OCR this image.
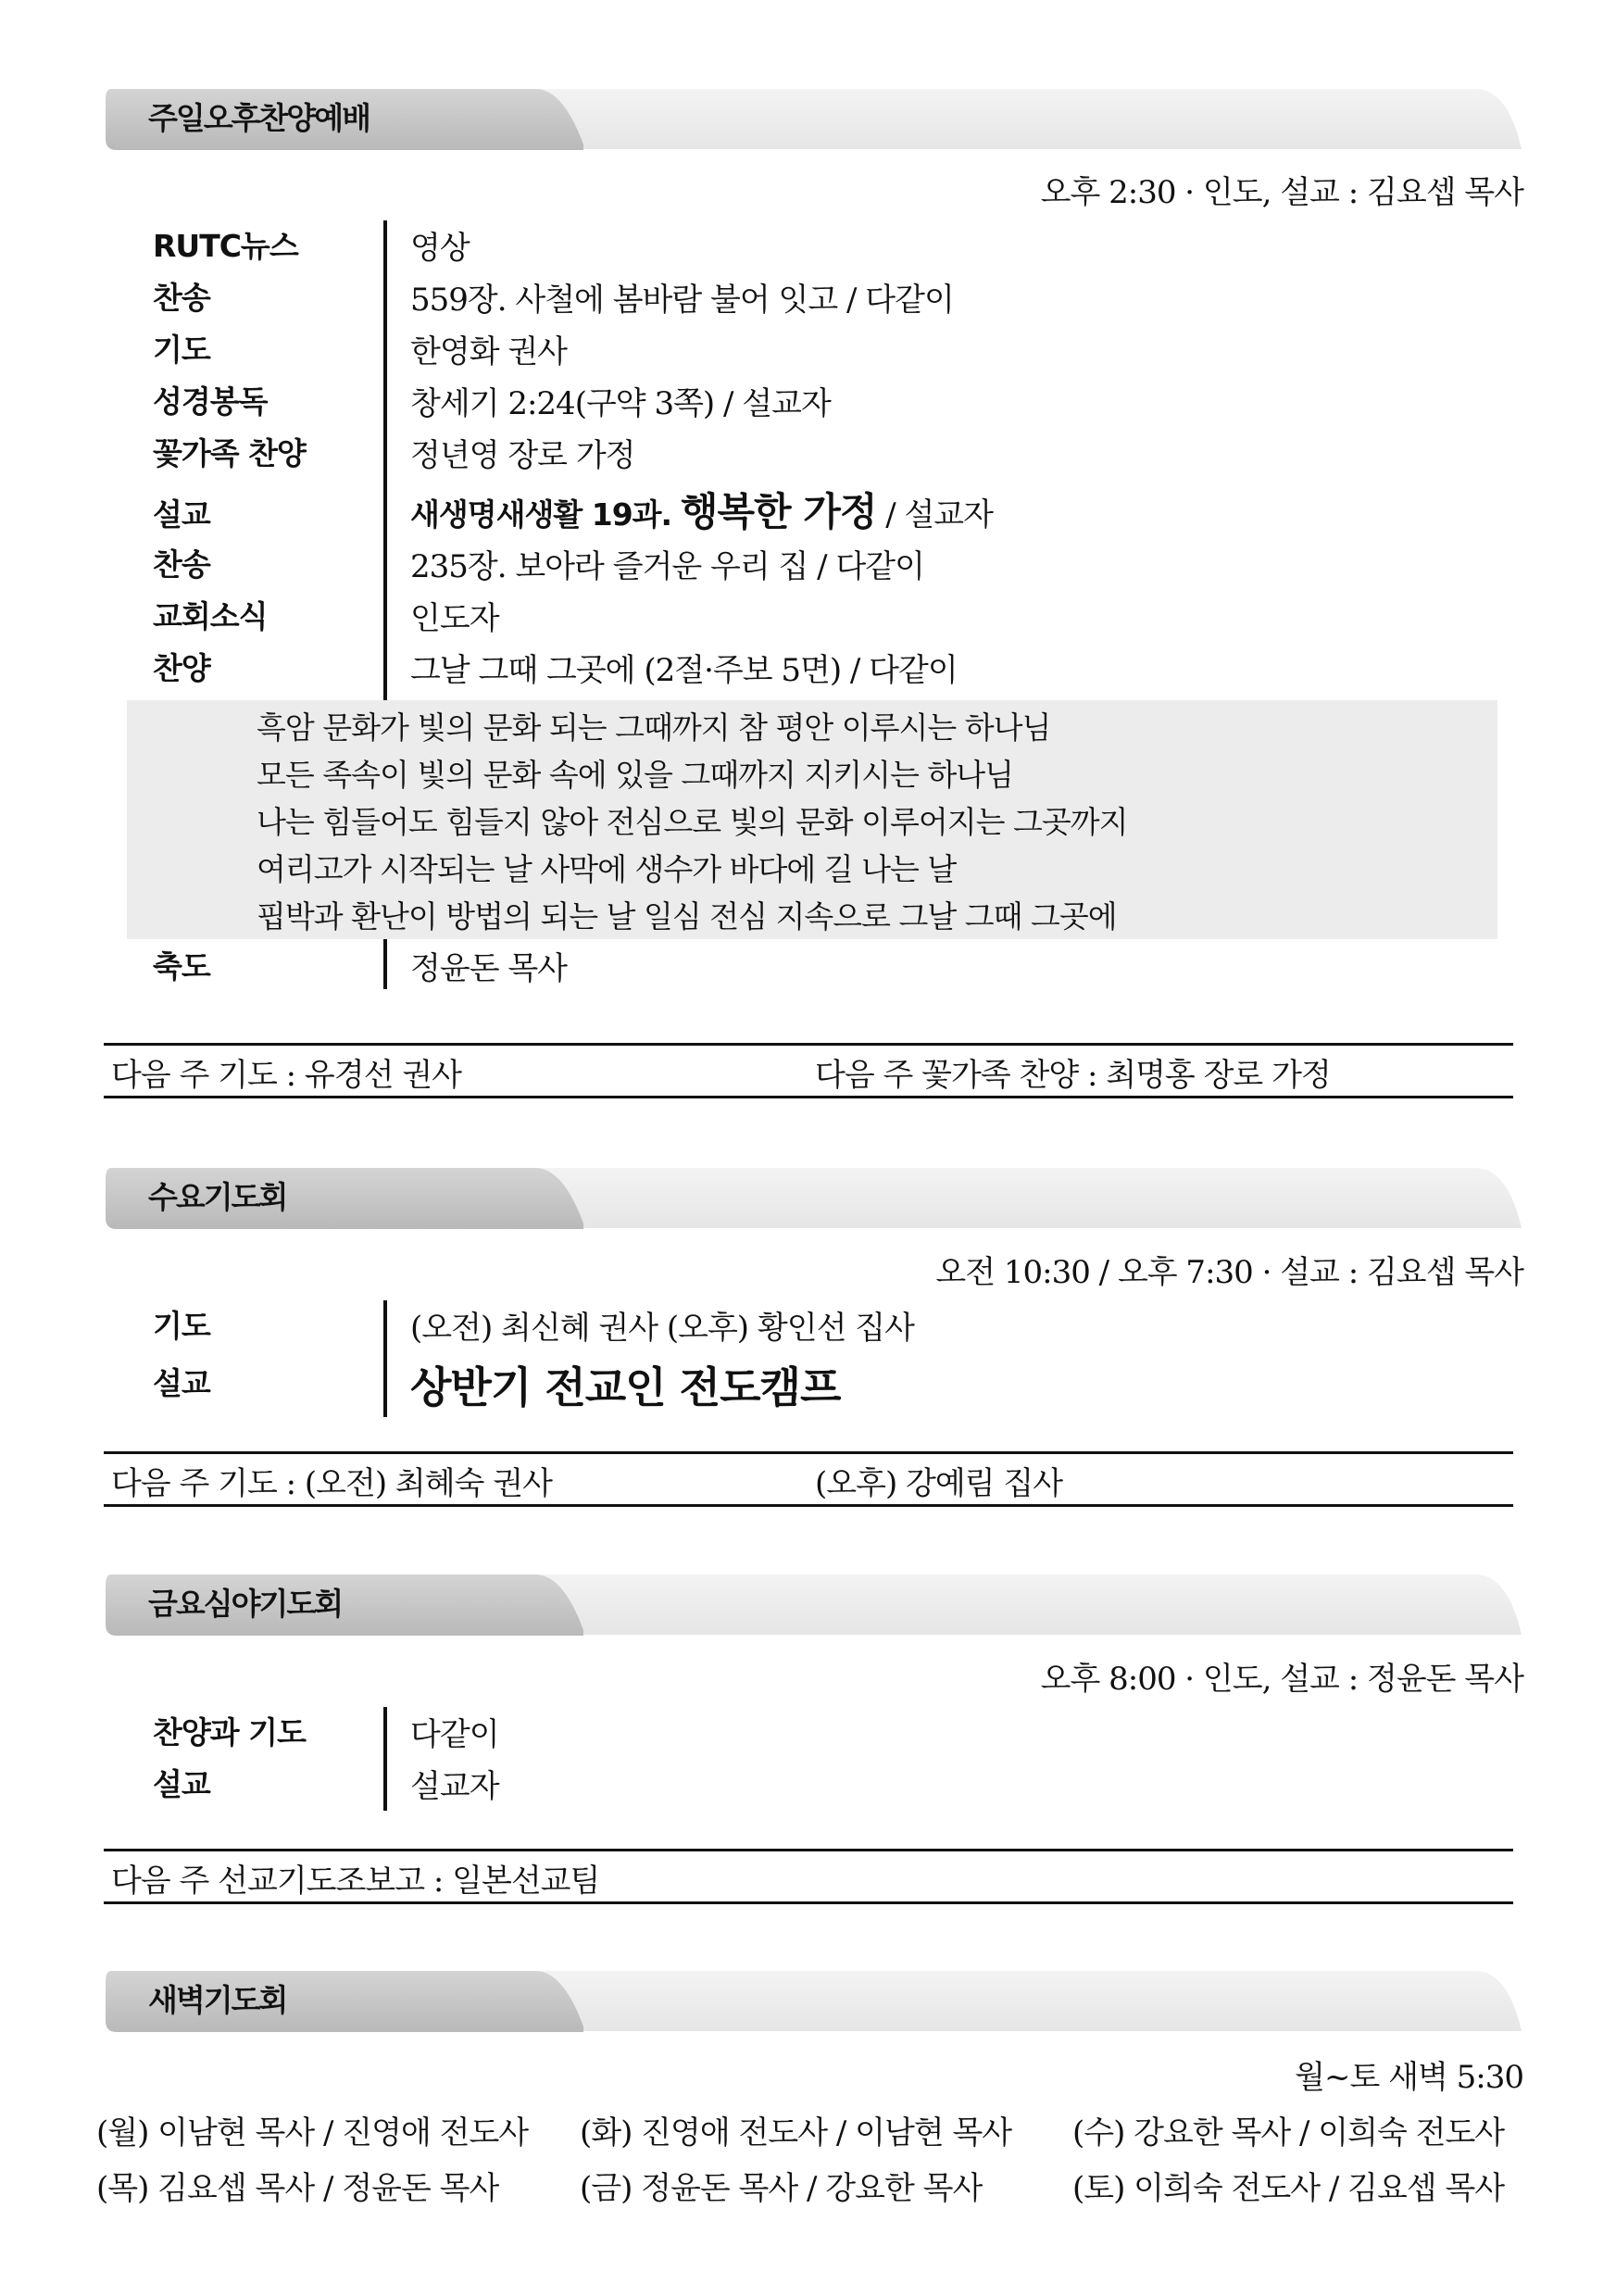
주일오후찬양예배
오후 2:30 · 인도, 설교 : 김요셉 목사
RUTC뉴스	영상
찬송	559장. 사철에 봄바람 불어 잇고 / 다같이
기도	한영화 권사
성경봉독	창세기 2:24(구약 3쪽) / 설교자
꽃가족 찬양	정년영 장로 가정
설교	새생명새생활 19과. 행복한 가정 / 설교자
찬송	235장. 보아라 즐거운 우리 집 / 다같이
교회소식	인도자
찬양	그날 그때 그곳에 (2절·주보 5면) / 다같이
흑암 문화가 빛의 문화 되는 그때까지 참 평안 이루시는 하나님
모든 족속이 빛의 문화 속에 있을 그때까지 지키시는 하나님
나는 힘들어도 힘들지 않아 전심으로 빛의 문화 이루어지는 그곳까지
여리고가 시작되는 날 사막에 생수가 바다에 길 나는 날
핍박과 환난이 방법의 되는 날 일심 전심 지속으로 그날 그때 그곳에
축도	정윤돈 목사
다음 주 기도 : 유경선 권사	다음 주 꽃가족 찬양 : 최명홍 장로 가정
수요기도회
오전 10:30 / 오후 7:30 · 설교 : 김요셉 목사
기도	(오전) 최신혜 권사 (오후) 황인선 집사
설교	상반기 전교인 전도캠프
다음 주 기도 : (오전) 최혜숙 권사	(오후) 강예림 집사
금요심야기도회
오후 8:00 · 인도, 설교 : 정윤돈 목사
찬양과 기도	다같이
설교	설교자
다음 주 선교기도조보고 : 일본선교팀
새벽기도회
월~토 새벽 5:30
(월) 이남현 목사 / 진영애 전도사 (화) 진영애 전도사 / 이남현 목사 (수) 강요한 목사 / 이희숙 전도사
(목) 김요셉 목사 / 정윤돈 목사	(금) 정윤돈 목사 / 강요한 목사	(토) 이희숙 전도사 / 김요셉 목사
